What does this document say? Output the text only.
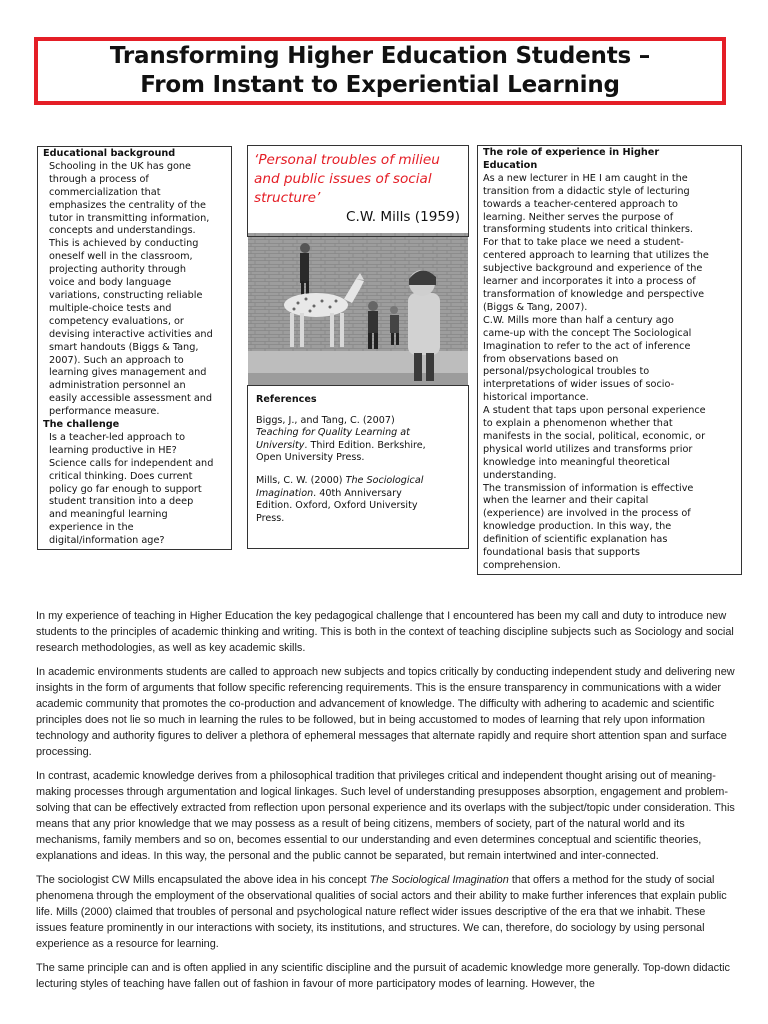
Transforming Higher Education Students –
From Instant to Experiential Learning
Educational background
Schooling in the UK has gone
through a process of
commercialization that
emphasizes the centrality of the
tutor in transmitting information,
concepts and understandings.
This is achieved by conducting
oneself well in the classroom,
projecting authority through
voice and body language
variations, constructing reliable
multiple-choice tests and
competency evaluations, or
devising interactive activities and
smart handouts (Biggs & Tang,
2007). Such an approach to
learning gives management and
administration personnel an
easily accessible assessment and
performance measure.
The challenge
Is a teacher-led approach to
learning productive in HE?
Science calls for independent and
critical thinking. Does current
policy go far enough to support
student transition into a deep
and meaningful learning
experience in the
digital/information age?
‘Personal troubles of milieu
and public issues of social
structure’
C.W. Mills (1959)
References
Biggs, J., and Tang, C. (2007)
Teaching for Quality Learning at
University. Third Edition. Berkshire,
Open University Press.
Mills, C. W. (2000) The Sociological
Imagination. 40th Anniversary
Edition. Oxford, Oxford University
Press.
The role of experience in Higher
Education
As a new lecturer in HE I am caught in the
transition from a didactic style of lecturing
towards a teacher-centered approach to
learning. Neither serves the purpose of
transforming students into critical thinkers.
For that to take place we need a student-
centered approach to learning that utilizes the
subjective background and experience of the
learner and incorporates it into a process of
transformation of knowledge and perspective
(Biggs & Tang, 2007).
C.W. Mills more than half a century ago
came-up with the concept The Sociological
Imagination to refer to the act of inference
from observations based on
personal/psychological troubles to
interpretations of wider issues of socio-
historical importance.
A student that taps upon personal experience
to explain a phenomenon whether that
manifests in the social, political, economic, or
physical world utilizes and transforms prior
knowledge into meaningful theoretical
understanding.
The transmission of information is effective
when the learner and their capital
(experience) are involved in the process of
knowledge production. In this way, the
definition of scientific explanation has
foundational basis that supports
comprehension.

In my experience of teaching in Higher Education the key pedagogical challenge that I encountered has been my call and duty to introduce new students to the principles of academic thinking and writing. This is both in the context of teaching discipline subjects such as Sociology and social research methodologies, as well as key academic skills.

In academic environments students are called to approach new subjects and topics critically by conducting independent study and delivering new insights in the form of arguments that follow specific referencing requirements. This is the ensure transparency in communications with a wider academic community that promotes the co-production and advancement of knowledge. The difficulty with adhering to academic and scientific principles does not lie so much in learning the rules to be followed, but in being accustomed to modes of learning that rely upon information technology and authority figures to deliver a plethora of ephemeral messages that alternate rapidly and require short attention span and surface processing.

In contrast, academic knowledge derives from a philosophical tradition that privileges critical and independent thought arising out of meaning-making processes through argumentation and logical linkages. Such level of understanding presupposes absorption, engagement and problem-solving that can be effectively extracted from reflection upon personal experience and its overlaps with the subject/topic under consideration. This means that any prior knowledge that we may possess as a result of being citizens, members of society, part of the natural world and its mechanisms, family members and so on, becomes essential to our understanding and even determines conceptual and scientific theories, explanations and ideas. In this way, the personal and the public cannot be separated, but remain intertwined and inter-connected.

The sociologist CW Mills encapsulated the above idea in his concept The Sociological Imagination that offers a method for the study of social phenomena through the employment of the observational qualities of social actors and their ability to make further inferences that explain public life. Mills (2000) claimed that troubles of personal and psychological nature reflect wider issues descriptive of the era that we inhabit. These issues feature prominently in our interactions with society, its institutions, and structures. We can, therefore, do sociology by using personal experience as a resource for learning.

The same principle can and is often applied in any scientific discipline and the pursuit of academic knowledge more generally. Top-down didactic lecturing styles of teaching have fallen out of fashion in favour of more participatory modes of learning. However, the
